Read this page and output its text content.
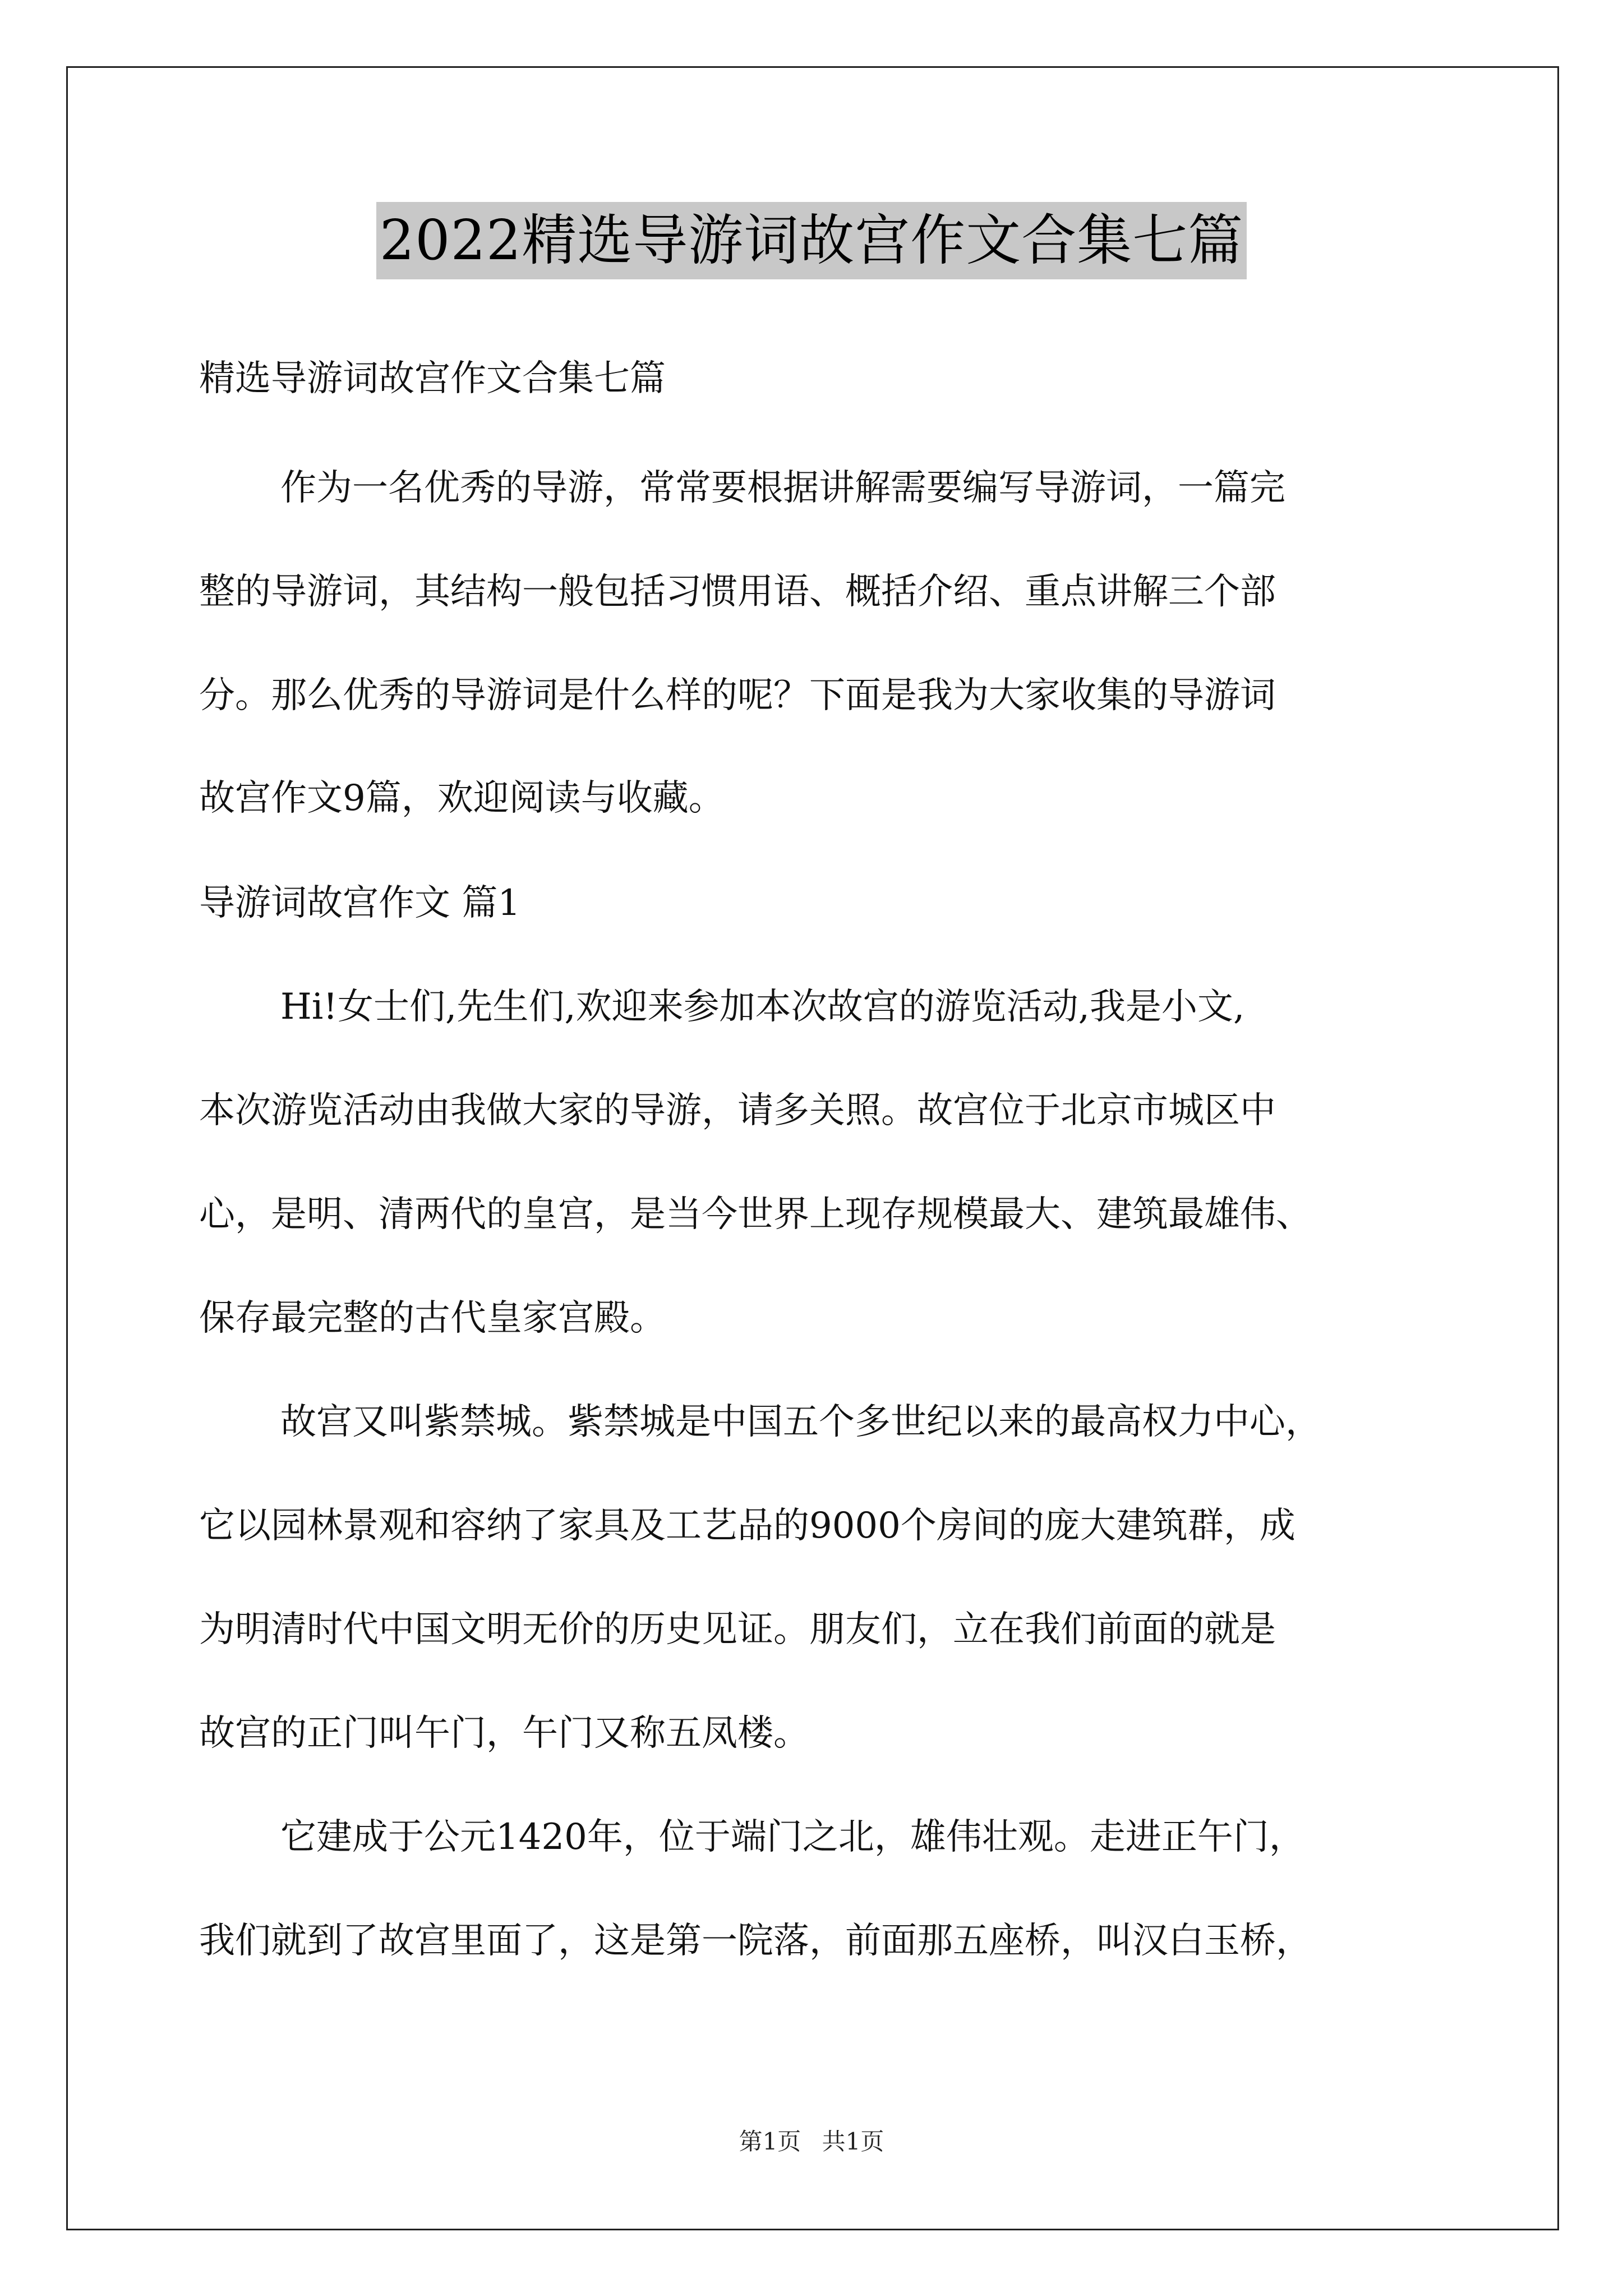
2022精选导游词故宫作文合集七篇
精选导游词故宫作文合集七篇
作为一名优秀的导游，常常要根据讲解需要编写导游词，一篇完
整的导游词，其结构一般包括习惯用语、概括介绍、重点讲解三个部
分。那么优秀的导游词是什么样的呢？下面是我为大家收集的导游词
故宫作文9篇，欢迎阅读与收藏。
导游词故宫作文 篇1
Hi!女士们,先生们,欢迎来参加本次故宫的游览活动,我是小文,
本次游览活动由我做大家的导游，请多关照。故宫位于北京市城区中
心，是明、清两代的皇宫，是当今世界上现存规模最大、建筑最雄伟、
保存最完整的古代皇家宫殿。
故宫又叫紫禁城。紫禁城是中国五个多世纪以来的最高权力中心，
它以园林景观和容纳了家具及工艺品的9000个房间的庞大建筑群，成
为明清时代中国文明无价的历史见证。朋友们，立在我们前面的就是
故宫的正门叫午门，午门又称五凤楼。
它建成于公元1420年，位于端门之北，雄伟壮观。走进正午门，
我们就到了故宫里面了，这是第一院落，前面那五座桥，叫汉白玉桥，
第1页 共1页
